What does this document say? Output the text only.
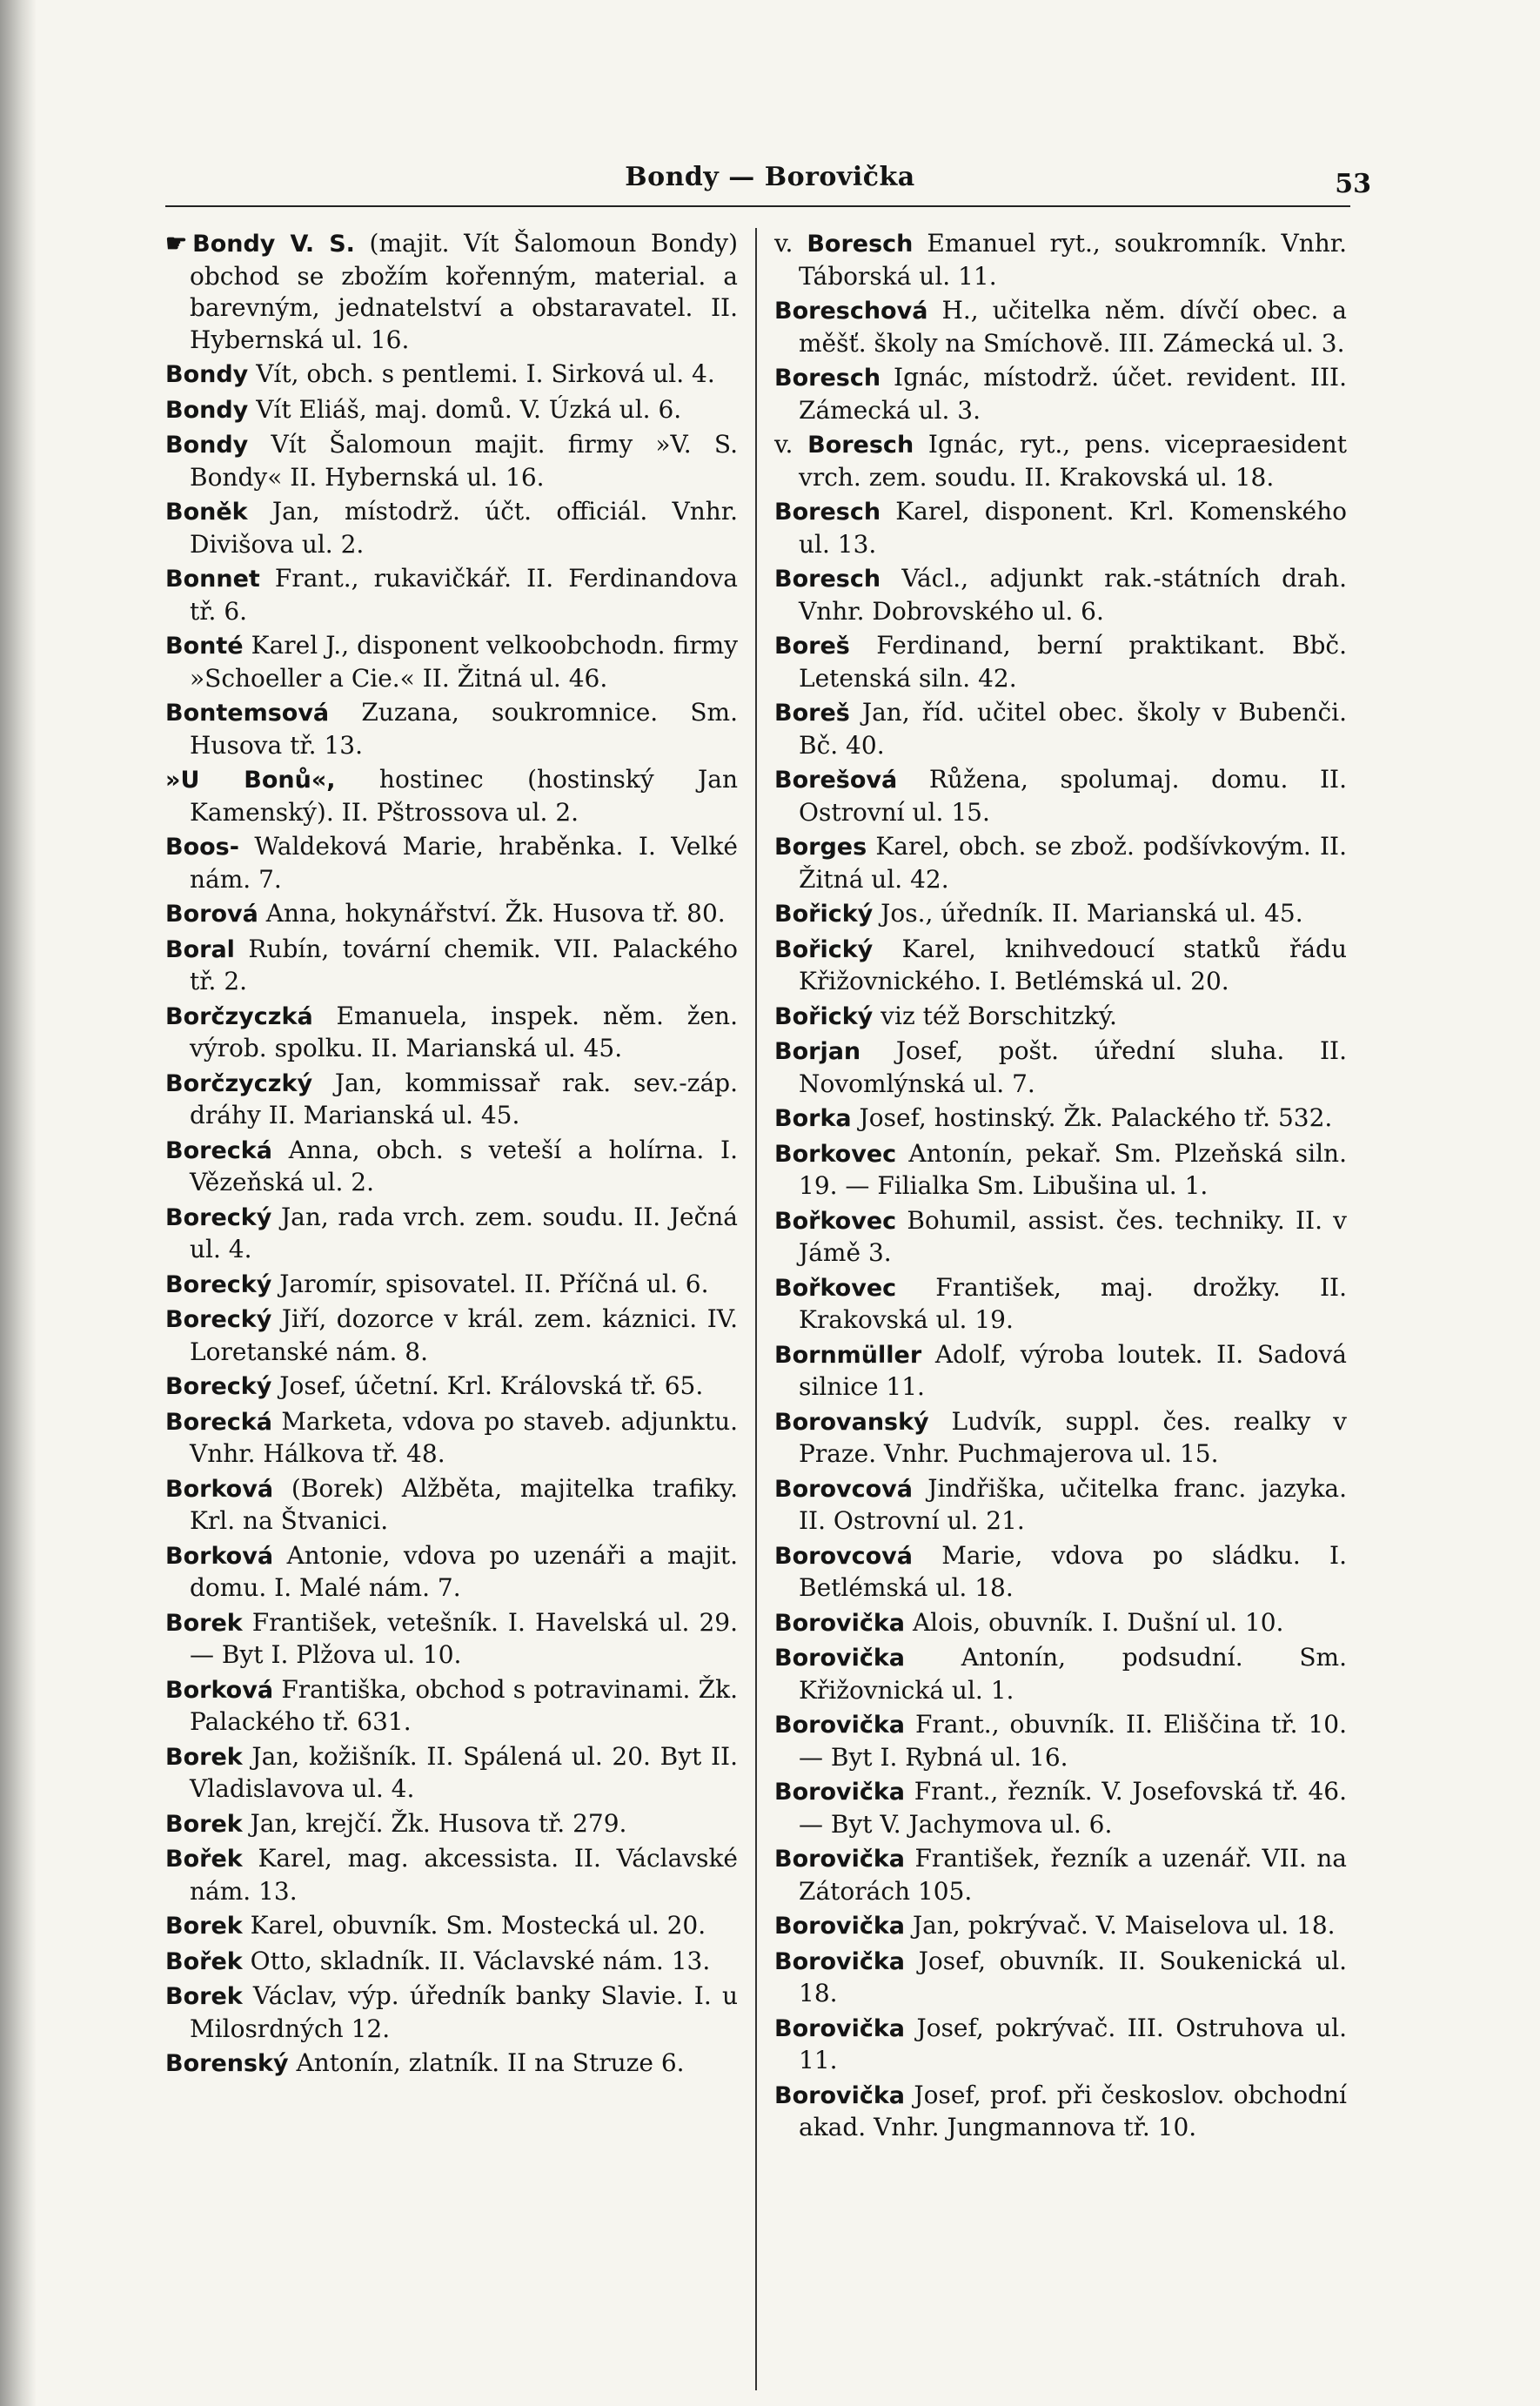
Bondy — Borovička	53
☛ Bondy V. S. (majit. Vít Šalomoun Bondy) obchod se zbožím kořenným, material. a barevným, jednatelství a obstaravatel. II. Hybernská ul. 16.
Bondy Vít, obch. s pentlemi. I. Sirková ul. 4.
Bondy Vít Eliáš, maj. domů. V. Úzká ul. 6.
Bondy Vít Šalomoun majit. firmy »V. S. Bondy« II. Hybernská ul. 16.
Boněk Jan, místodrž. účt. officiál. Vnhr. Divišova ul. 2.
Bonnet Frant., rukavičkář. II. Ferdinandova tř. 6.
Bonté Karel J., disponent velkoobchodn. firmy »Schoeller a Cie.« II. Žitná ul. 46.
Bontemsová Zuzana, soukromnice. Sm. Husova tř. 13.
»U Bonů«, hostinec (hostinský Jan Kamenský). II. Pštrossova ul. 2.
Boos- Waldeková Marie, hraběnka. I. Velké nám. 7.
Borová Anna, hokynářství. Žk. Husova tř. 80.
Boral Rubín, tovární chemik. VII. Palackého tř. 2.
Borčzyczká Emanuela, inspek. něm. žen. výrob. spolku. II. Marianská ul. 45.
Borčzyczký Jan, kommissař rak. sev.-záp. dráhy II. Marianská ul. 45.
Borecká Anna, obch. s veteší a holírna. I. Vězeňská ul. 2.
Borecký Jan, rada vrch. zem. soudu. II. Ječná ul. 4.
Borecký Jaromír, spisovatel. II. Příčná ul. 6.
Borecký Jiří, dozorce v král. zem. káznici. IV. Loretanské nám. 8.
Borecký Josef, účetní. Krl. Královská tř. 65.
Borecká Marketa, vdova po staveb. adjunktu. Vnhr. Hálkova tř. 48.
Borková (Borek) Alžběta, majitelka trafiky. Krl. na Štvanici.
Borková Antonie, vdova po uzenáři a majit. domu. I. Malé nám. 7.
Borek František, vetešník. I. Havelská ul. 29. — Byt I. Plžova ul. 10.
Borková Františka, obchod s potravinami. Žk. Palackého tř. 631.
Borek Jan, kožišník. II. Spálená ul. 20. Byt II. Vladislavova ul. 4.
Borek Jan, krejčí. Žk. Husova tř. 279.
Bořek Karel, mag. akcessista. II. Václavské nám. 13.
Borek Karel, obuvník. Sm. Mostecká ul. 20.
Bořek Otto, skladník. II. Václavské nám. 13.
Borek Václav, výp. úředník banky Slavie. I. u Milosrdných 12.
Borenský Antonín, zlatník. II na Struze 6.
v. Boresch Emanuel ryt., soukromník. Vnhr. Táborská ul. 11.
Boreschová H., učitelka něm. dívčí obec. a měšť. školy na Smíchově. III. Zámecká ul. 3.
Boresch Ignác, místodrž. účet. revident. III. Zámecká ul. 3.
v. Boresch Ignác, ryt., pens. vicepraesident vrch. zem. soudu. II. Krakovská ul. 18.
Boresch Karel, disponent. Krl. Komenského ul. 13.
Boresch Václ., adjunkt rak.-státních drah. Vnhr. Dobrovského ul. 6.
Boreš Ferdinand, berní praktikant. Bbč. Letenská siln. 42.
Boreš Jan, říd. učitel obec. školy v Bubenči. Bč. 40.
Borešová Růžena, spolumaj. domu. II. Ostrovní ul. 15.
Borges Karel, obch. se zbož. podšívkovým. II. Žitná ul. 42.
Bořický Jos., úředník. II. Marianská ul. 45.
Bořický Karel, knihvedoucí statků řádu Křižovnického. I. Betlémská ul. 20.
Bořický viz též Borschitzký.
Borjan Josef, pošt. úřední sluha. II. Novomlýnská ul. 7.
Borka Josef, hostinský. Žk. Palackého tř. 532.
Borkovec Antonín, pekař. Sm. Plzeňská siln. 19. — Filialka Sm. Libušina ul. 1.
Bořkovec Bohumil, assist. čes. techniky. II. v Jámě 3.
Bořkovec František, maj. drožky. II. Krakovská ul. 19.
Bornmüller Adolf, výroba loutek. II. Sadová silnice 11.
Borovanský Ludvík, suppl. čes. realky v Praze. Vnhr. Puchmajerova ul. 15.
Borovcová Jindřiška, učitelka franc. jazyka. II. Ostrovní ul. 21.
Borovcová Marie, vdova po sládku. I. Betlémská ul. 18.
Borovička Alois, obuvník. I. Dušní ul. 10.
Borovička Antonín, podsudní. Sm. Křižovnická ul. 1.
Borovička Frant., obuvník. II. Eliščina tř. 10. — Byt I. Rybná ul. 16.
Borovička Frant., řezník. V. Josefovská tř. 46. — Byt V. Jachymova ul. 6.
Borovička František, řezník a uzenář. VII. na Zátorách 105.
Borovička Jan, pokrývač. V. Maiselova ul. 18.
Borovička Josef, obuvník. II. Soukenická ul. 18.
Borovička Josef, pokrývač. III. Ostruhova ul. 11.
Borovička Josef, prof. při českoslov. obchodní akad. Vnhr. Jungmannova tř. 10.
